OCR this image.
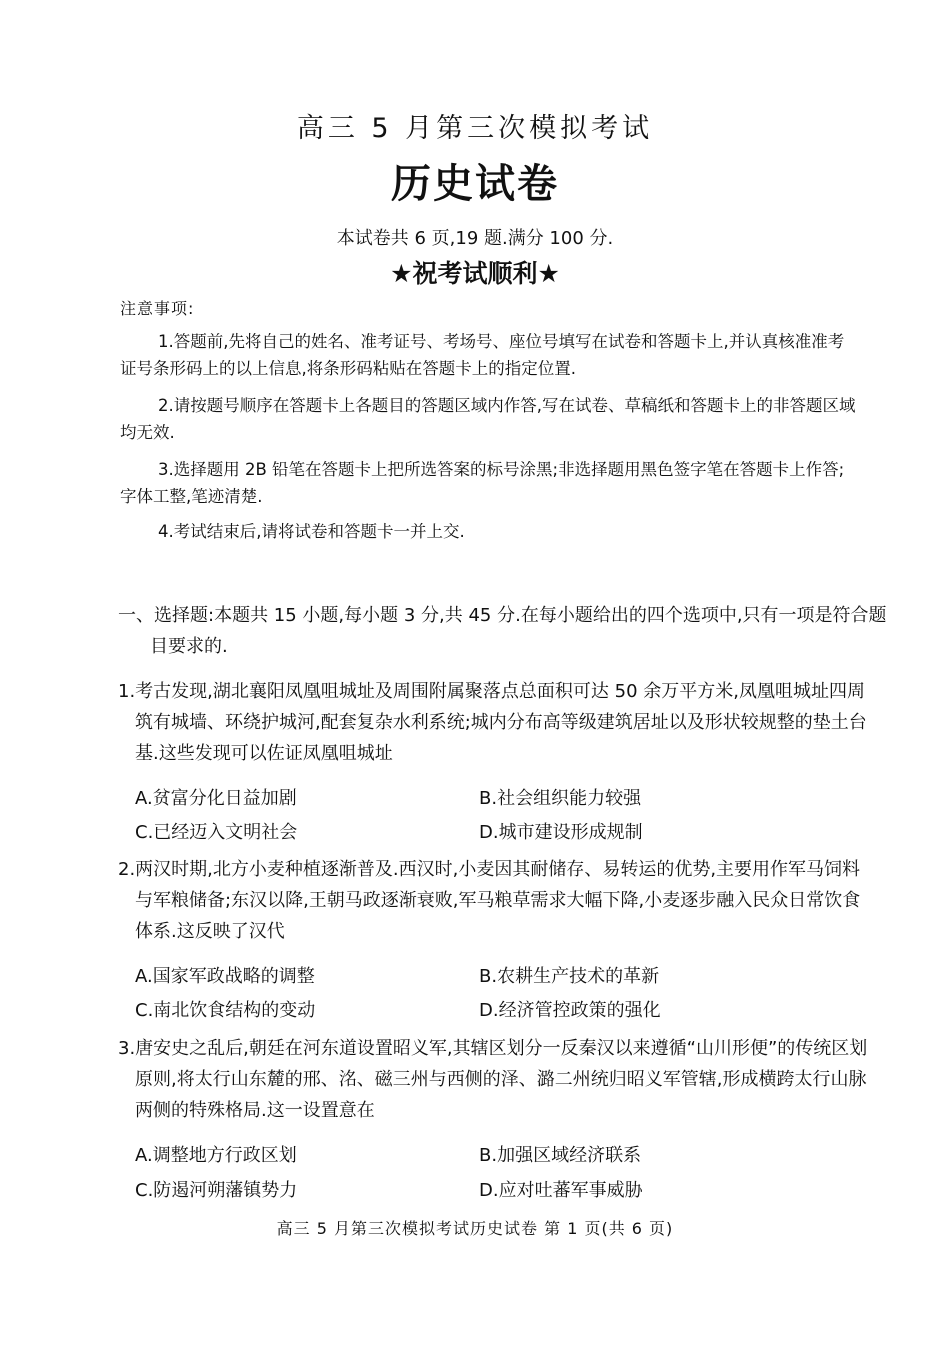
高三 5 月第三次模拟考试
历史试卷
本试卷共 6 页,19 题.满分 100 分.
★祝考试顺利★
注意事项:

1.答题前,先将自己的姓名、准考证号、考场号、座位号填写在试卷和答题卡上,并认真核准准考证号条形码上的以上信息,将条形码粘贴在答题卡上的指定位置.

2.请按题号顺序在答题卡上各题目的答题区域内作答,写在试卷、草稿纸和答题卡上的非答题区域均无效.

3.选择题用 2B 铅笔在答题卡上把所选答案的标号涂黑;非选择题用黑色签字笔在答题卡上作答;字体工整,笔迹清楚.

4.考试结束后,请将试卷和答题卡一并上交.

一、选择题:本题共 15 小题,每小题 3 分,共 45 分.在每小题给出的四个选项中,只有一项是符合题目要求的.

1.考古发现,湖北襄阳凤凰咀城址及周围附属聚落点总面积可达 50 余万平方米,凤凰咀城址四周筑有城墙、环绕护城河,配套复杂水利系统;城内分布高等级建筑居址以及形状较规整的垫土台基.这些发现可以佐证凤凰咀城址

A.贫富分化日益加剧	B.社会组织能力较强
C.已经迈入文明社会	D.城市建设形成规制

2.两汉时期,北方小麦种植逐渐普及.西汉时,小麦因其耐储存、易转运的优势,主要用作军马饲料与军粮储备;东汉以降,王朝马政逐渐衰败,军马粮草需求大幅下降,小麦逐步融入民众日常饮食体系.这反映了汉代

A.国家军政战略的调整	B.农耕生产技术的革新
C.南北饮食结构的变动	D.经济管控政策的强化

3.唐安史之乱后,朝廷在河东道设置昭义军,其辖区划分一反秦汉以来遵循“山川形便”的传统区划原则,将太行山东麓的邢、洺、磁三州与西侧的泽、潞二州统归昭义军管辖,形成横跨太行山脉两侧的特殊格局.这一设置意在

A.调整地方行政区划	B.加强区域经济联系
C.防遏河朔藩镇势力	D.应对吐蕃军事威胁
高三 5 月第三次模拟考试历史试卷 第 1 页(共 6 页)
